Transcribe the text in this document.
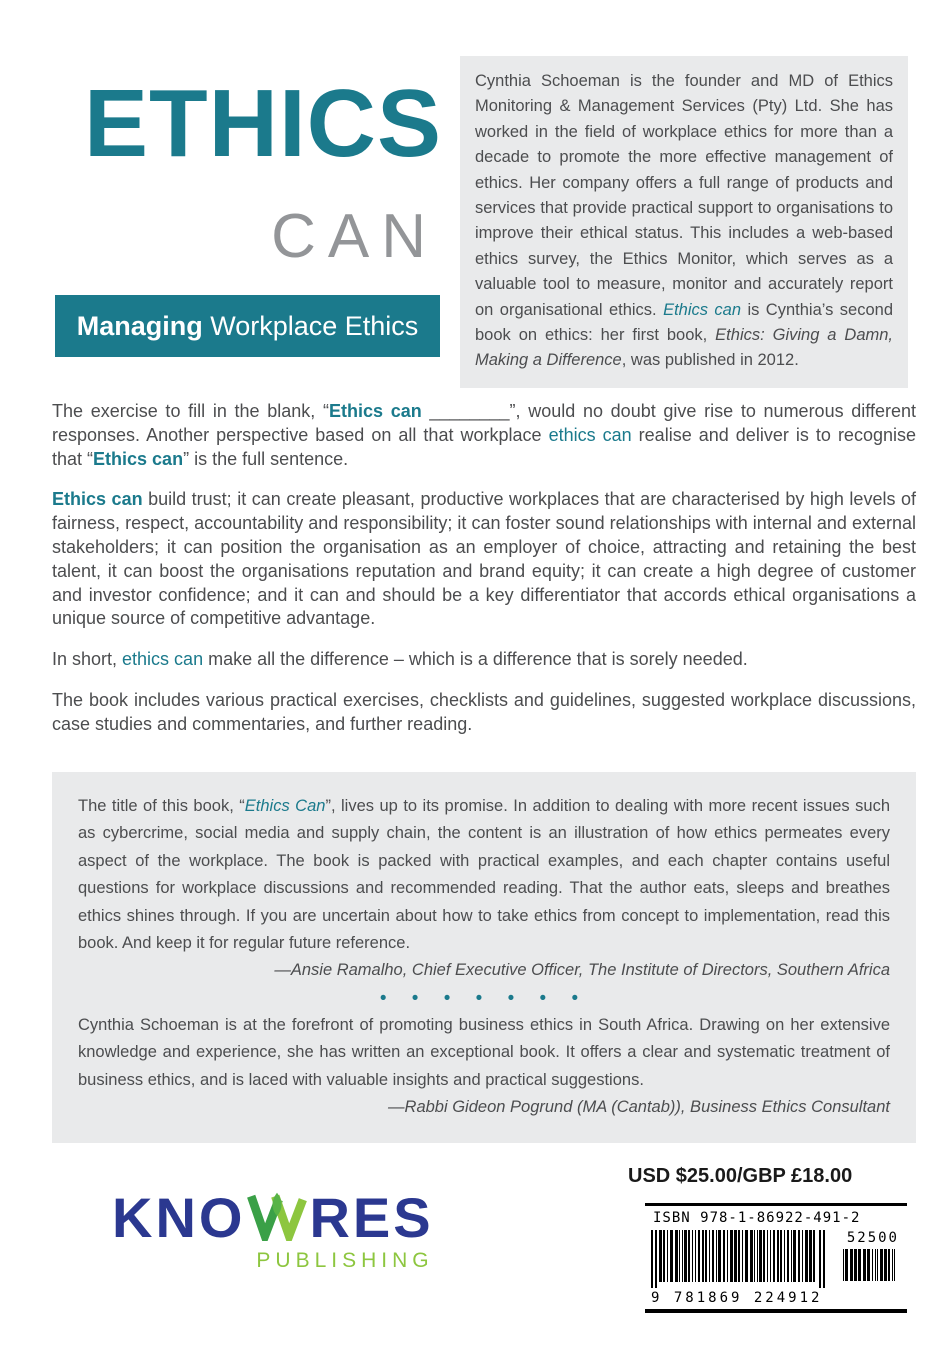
ETHICS
CAN
Managing Workplace Ethics

Cynthia Schoeman is the founder and MD of Ethics Monitoring & Management Services (Pty) Ltd. She has worked in the field of workplace ethics for more than a decade to promote the more effective management of ethics. Her company offers a full range of products and services that provide practical support to organisations to improve their ethical status. This includes a web-based ethics survey, the Ethics Monitor, which serves as a valuable tool to measure, monitor and accurately report on organisational ethics. Ethics can is Cynthia’s second book on ethics: her first book, Ethics: Giving a Damn, Making a Difference, was published in 2012.

The exercise to fill in the blank, “Ethics can ________”, would no doubt give rise to numerous different responses. Another perspective based on all that workplace ethics can realise and deliver is to recognise that “Ethics can” is the full sentence.

Ethics can build trust; it can create pleasant, productive workplaces that are characterised by high levels of fairness, respect, accountability and responsibility; it can foster sound relationships with internal and external stakeholders; it can position the organisation as an employer of choice, attracting and retaining the best talent, it can boost the organisations reputation and brand equity; it can create a high degree of customer and investor confidence; and it can and should be a key differentiator that accords ethical organisations a unique source of competitive advantage.

In short, ethics can make all the difference – which is a difference that is sorely needed.

The book includes various practical exercises, checklists and guidelines, suggested workplace discussions, case studies and commentaries, and further reading.

The title of this book, “Ethics Can”, lives up to its promise. In addition to dealing with more recent issues such as cybercrime, social media and supply chain, the content is an illustration of how ethics permeates every aspect of the workplace. The book is packed with practical examples, and each chapter contains useful questions for workplace discussions and recommended reading. That the author eats, sleeps and breathes ethics shines through. If you are uncertain about how to take ethics from concept to implementation, read this book. And keep it for regular future reference.

—Ansie Ramalho, Chief Executive Officer, The Institute of Directors, Southern Africa

• • • • • • •

Cynthia Schoeman is at the forefront of promoting business ethics in South Africa. Drawing on her extensive knowledge and experience, she has written an exceptional book. It offers a clear and systematic treatment of business ethics, and is laced with valuable insights and practical suggestions.

—Rabbi Gideon Pogrund (MA (Cantab)), Business Ethics Consultant

USD $25.00/GBP £18.00
KNO RES
PUBLISHING
ISBN 978-1-86922-491-2
9 781869 224912
52500
